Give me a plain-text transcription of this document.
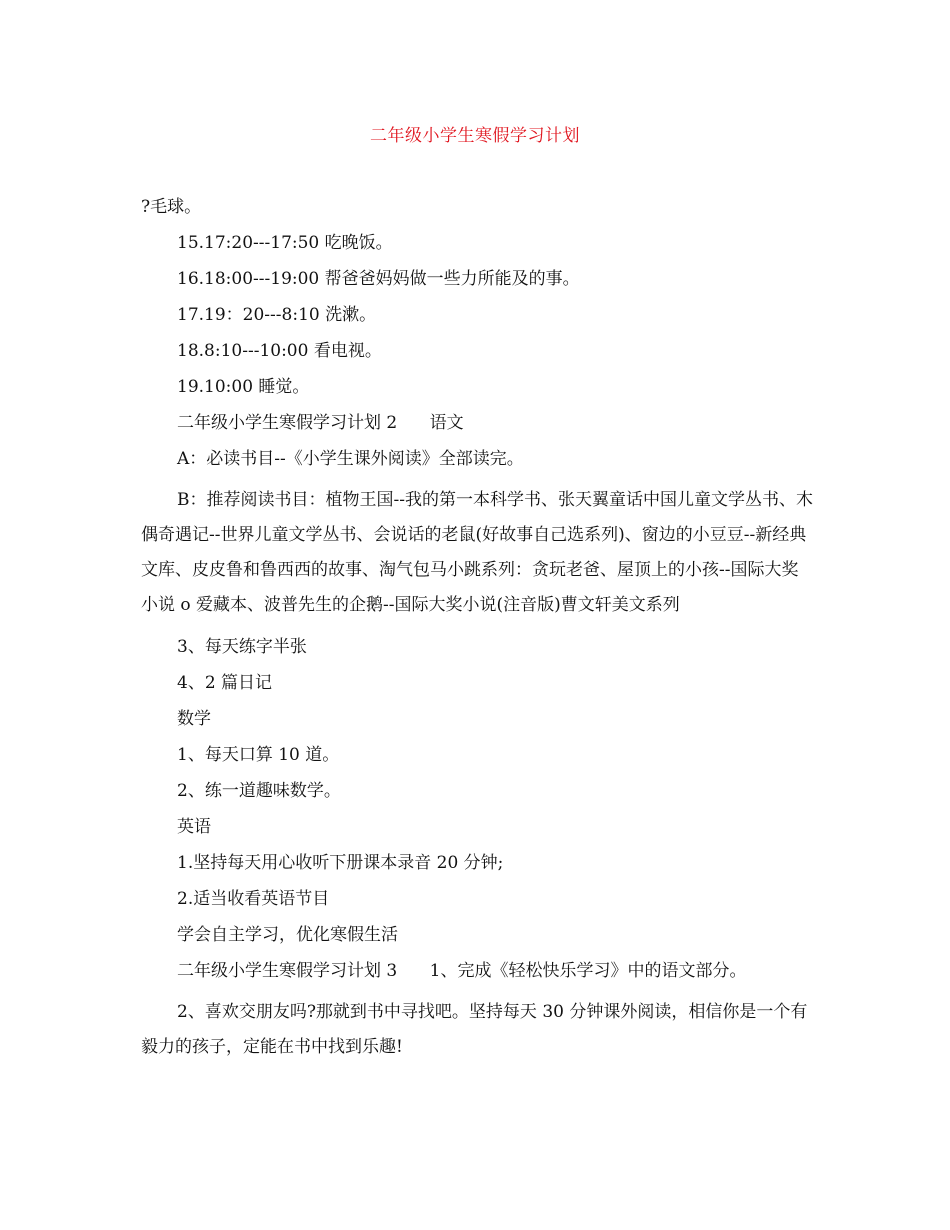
二年级小学生寒假学习计划

?毛球。

15.17:20---17:50 吃晚饭。

16.18:00---19:00 帮爸爸妈妈做一些力所能及的事。

17.19：20---8:10 洗漱。

18.8:10---10:00 看电视。

19.10:00 睡觉。

二年级小学生寒假学习计划 2      语文

A：必读书目--《小学生课外阅读》全部读完。

B：推荐阅读书目：植物王国--我的第一本科学书、张天翼童话中国儿童文学丛书、木偶奇遇记--世界儿童文学丛书、会说话的老鼠(好故事自己选系列)、窗边的小豆豆--新经典文库、皮皮鲁和鲁西西的故事、淘气包马小跳系列：贪玩老爸、屋顶上的小孩--国际大奖小说 o 爱藏本、波普先生的企鹅--国际大奖小说(注音版)曹文轩美文系列

3、每天练字半张

4、2 篇日记

数学

1、每天口算 10 道。

2、练一道趣味数学。

英语

1.坚持每天用心收听下册课本录音 20 分钟;

2.适当收看英语节目

学会自主学习，优化寒假生活

二年级小学生寒假学习计划 3      1、完成《轻松快乐学习》中的语文部分。

2、喜欢交朋友吗?那就到书中寻找吧。坚持每天 30 分钟课外阅读，相信你是一个有毅力的孩子，定能在书中找到乐趣!
